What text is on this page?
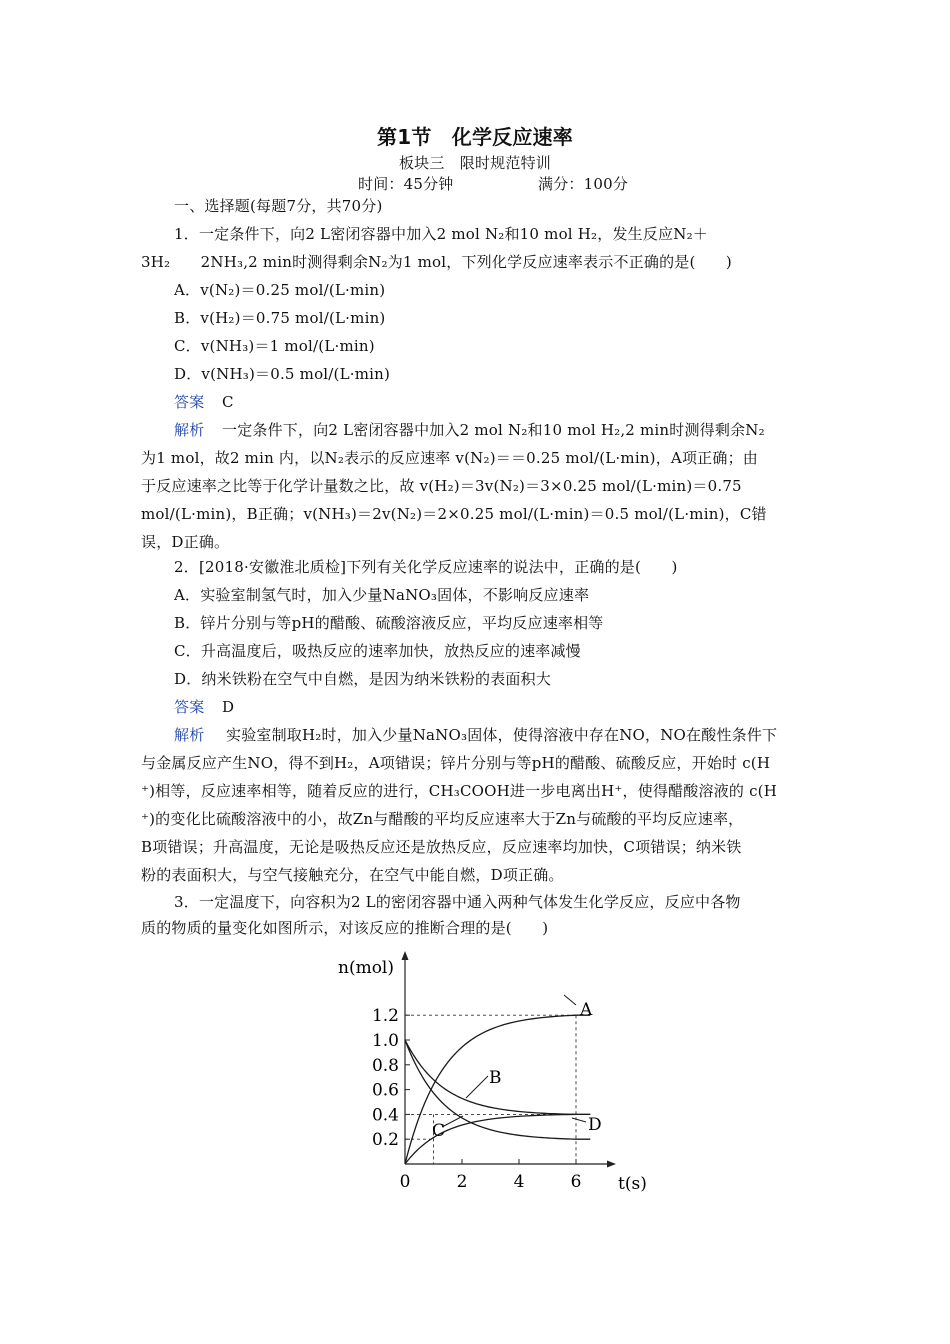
第1节　化学反应速率
板块三　限时规范特训
时间：45分钟	满分：100分
一、选择题(每题7分，共70分)
1．一定条件下，向2 L密闭容器中加入2 mol N₂和10 mol H₂，发生反应N₂＋
3H₂　　2NH₃,2 min时测得剩余N₂为1 mol，下列化学反应速率表示不正确的是(　　)
A．v(N₂)＝0.25 mol/(L·min)
B．v(H₂)＝0.75 mol/(L·min)
C．v(NH₃)＝1 mol/(L·min)
D．v(NH₃)＝0.5 mol/(L·min)
答案 C
解析 一定条件下，向2 L密闭容器中加入2 mol N₂和10 mol H₂,2 min时测得剩余N₂
为1 mol，故2 min 内，以N₂表示的反应速率 v(N₂)＝＝0.25 mol/(L·min)，A项正确；由
于反应速率之比等于化学计量数之比，故 v(H₂)＝3v(N₂)＝3×0.25 mol/(L·min)＝0.75
mol/(L·min)，B正确；v(NH₃)＝2v(N₂)＝2×0.25 mol/(L·min)＝0.5 mol/(L·min)，C错
误，D正确。
2．[2018·安徽淮北质检]下列有关化学反应速率的说法中，正确的是(　　)
A．实验室制氢气时，加入少量NaNO₃固体，不影响反应速率
B．锌片分别与等pH的醋酸、硫酸溶液反应，平均反应速率相等
C．升高温度后，吸热反应的速率加快，放热反应的速率减慢
D．纳米铁粉在空气中自燃，是因为纳米铁粉的表面积大
答案 D
解析 实验室制取H₂时，加入少量NaNO₃固体，使得溶液中存在NO，NO在酸性条件下
与金属反应产生NO，得不到H₂，A项错误；锌片分别与等pH的醋酸、硫酸反应，开始时 c(H
⁺)相等，反应速率相等，随着反应的进行，CH₃COOH进一步电离出H⁺，使得醋酸溶液的 c(H
⁺)的变化比硫酸溶液中的小，故Zn与醋酸的平均反应速率大于Zn与硫酸的平均反应速率，
B项错误；升高温度，无论是吸热反应还是放热反应，反应速率均加快，C项错误；纳米铁
粉的表面积大，与空气接触充分，在空气中能自燃，D项正确。
3．一定温度下，向容积为2 L的密闭容器中通入两种气体发生化学反应，反应中各物
质的物质的量变化如图所示，对该反应的推断合理的是(　　)
0.2
0.4
0.6
0.8
1.0
1.2
0	2	4	6
n(mol)
t(s)
A
B
C	D
